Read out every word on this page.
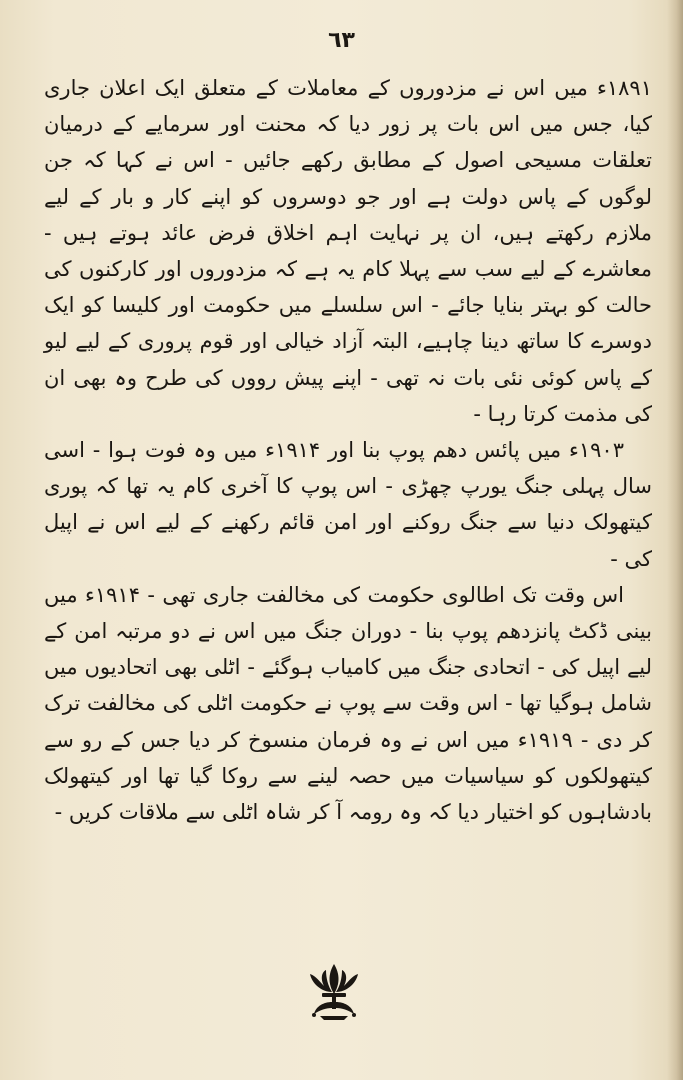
٦٣

۱۸۹۱ء میں اس نے مزدوروں کے معاملات کے متعلق ایک اعلان جاری کیا، جس میں اس بات پر زور دیا کہ محنت اور سرمایے کے درمیان تعلقات مسیحی اصول کے مطابق رکھے جائیں - اس نے کہا کہ جن لوگوں کے پاس دولت ہے اور جو دوسروں کو اپنے کار و بار کے لیے ملازم رکھتے ہیں، ان پر نہایت اہم اخلاق فرض عائد ہوتے ہیں - معاشرے کے لیے سب سے پہلا کام یہ ہے کہ مزدوروں اور کارکنوں کی حالت کو بہتر بنایا جائے - اس سلسلے میں حکومت اور کلیسا کو ایک دوسرے کا ساتھ دینا چاہیے، البتہ آزاد خیالی اور قوم پروری کے لیے لیو کے پاس کوئی نئی بات نہ تھی - اپنے پیش رووں کی طرح وہ بھی ان کی مذمت کرتا رہا -

۱۹۰۳ء میں پائس دھم پوپ بنا اور ۱۹۱۴ء میں وہ فوت ہوا - اسی سال پہلی جنگ یورپ چھڑی - اس پوپ کا آخری کام یہ تھا کہ پوری کیتھولک دنیا سے جنگ روکنے اور امن قائم رکھنے کے لیے اس نے اپیل کی -

اس وقت تک اطالوی حکومت کی مخالفت جاری تھی - ۱۹۱۴ء میں بینی ڈکٹ پانزدھم پوپ بنا - دوران جنگ میں اس نے دو مرتبہ امن کے لیے اپیل کی - اتحادی جنگ میں کامیاب ہوگئے - اٹلی بھی اتحادیوں میں شامل ہوگیا تھا - اس وقت سے پوپ نے حکومت اٹلی کی مخالفت ترک کر دی - ۱۹۱۹ء میں اس نے وہ فرمان منسوخ کر دیا جس کے رو سے کیتھولکوں کو سیاسیات میں حصہ لینے سے روکا گیا تھا اور کیتھولک بادشاہوں کو اختیار دیا کہ وہ رومہ آ کر شاہ اٹلی سے ملاقات کریں -
